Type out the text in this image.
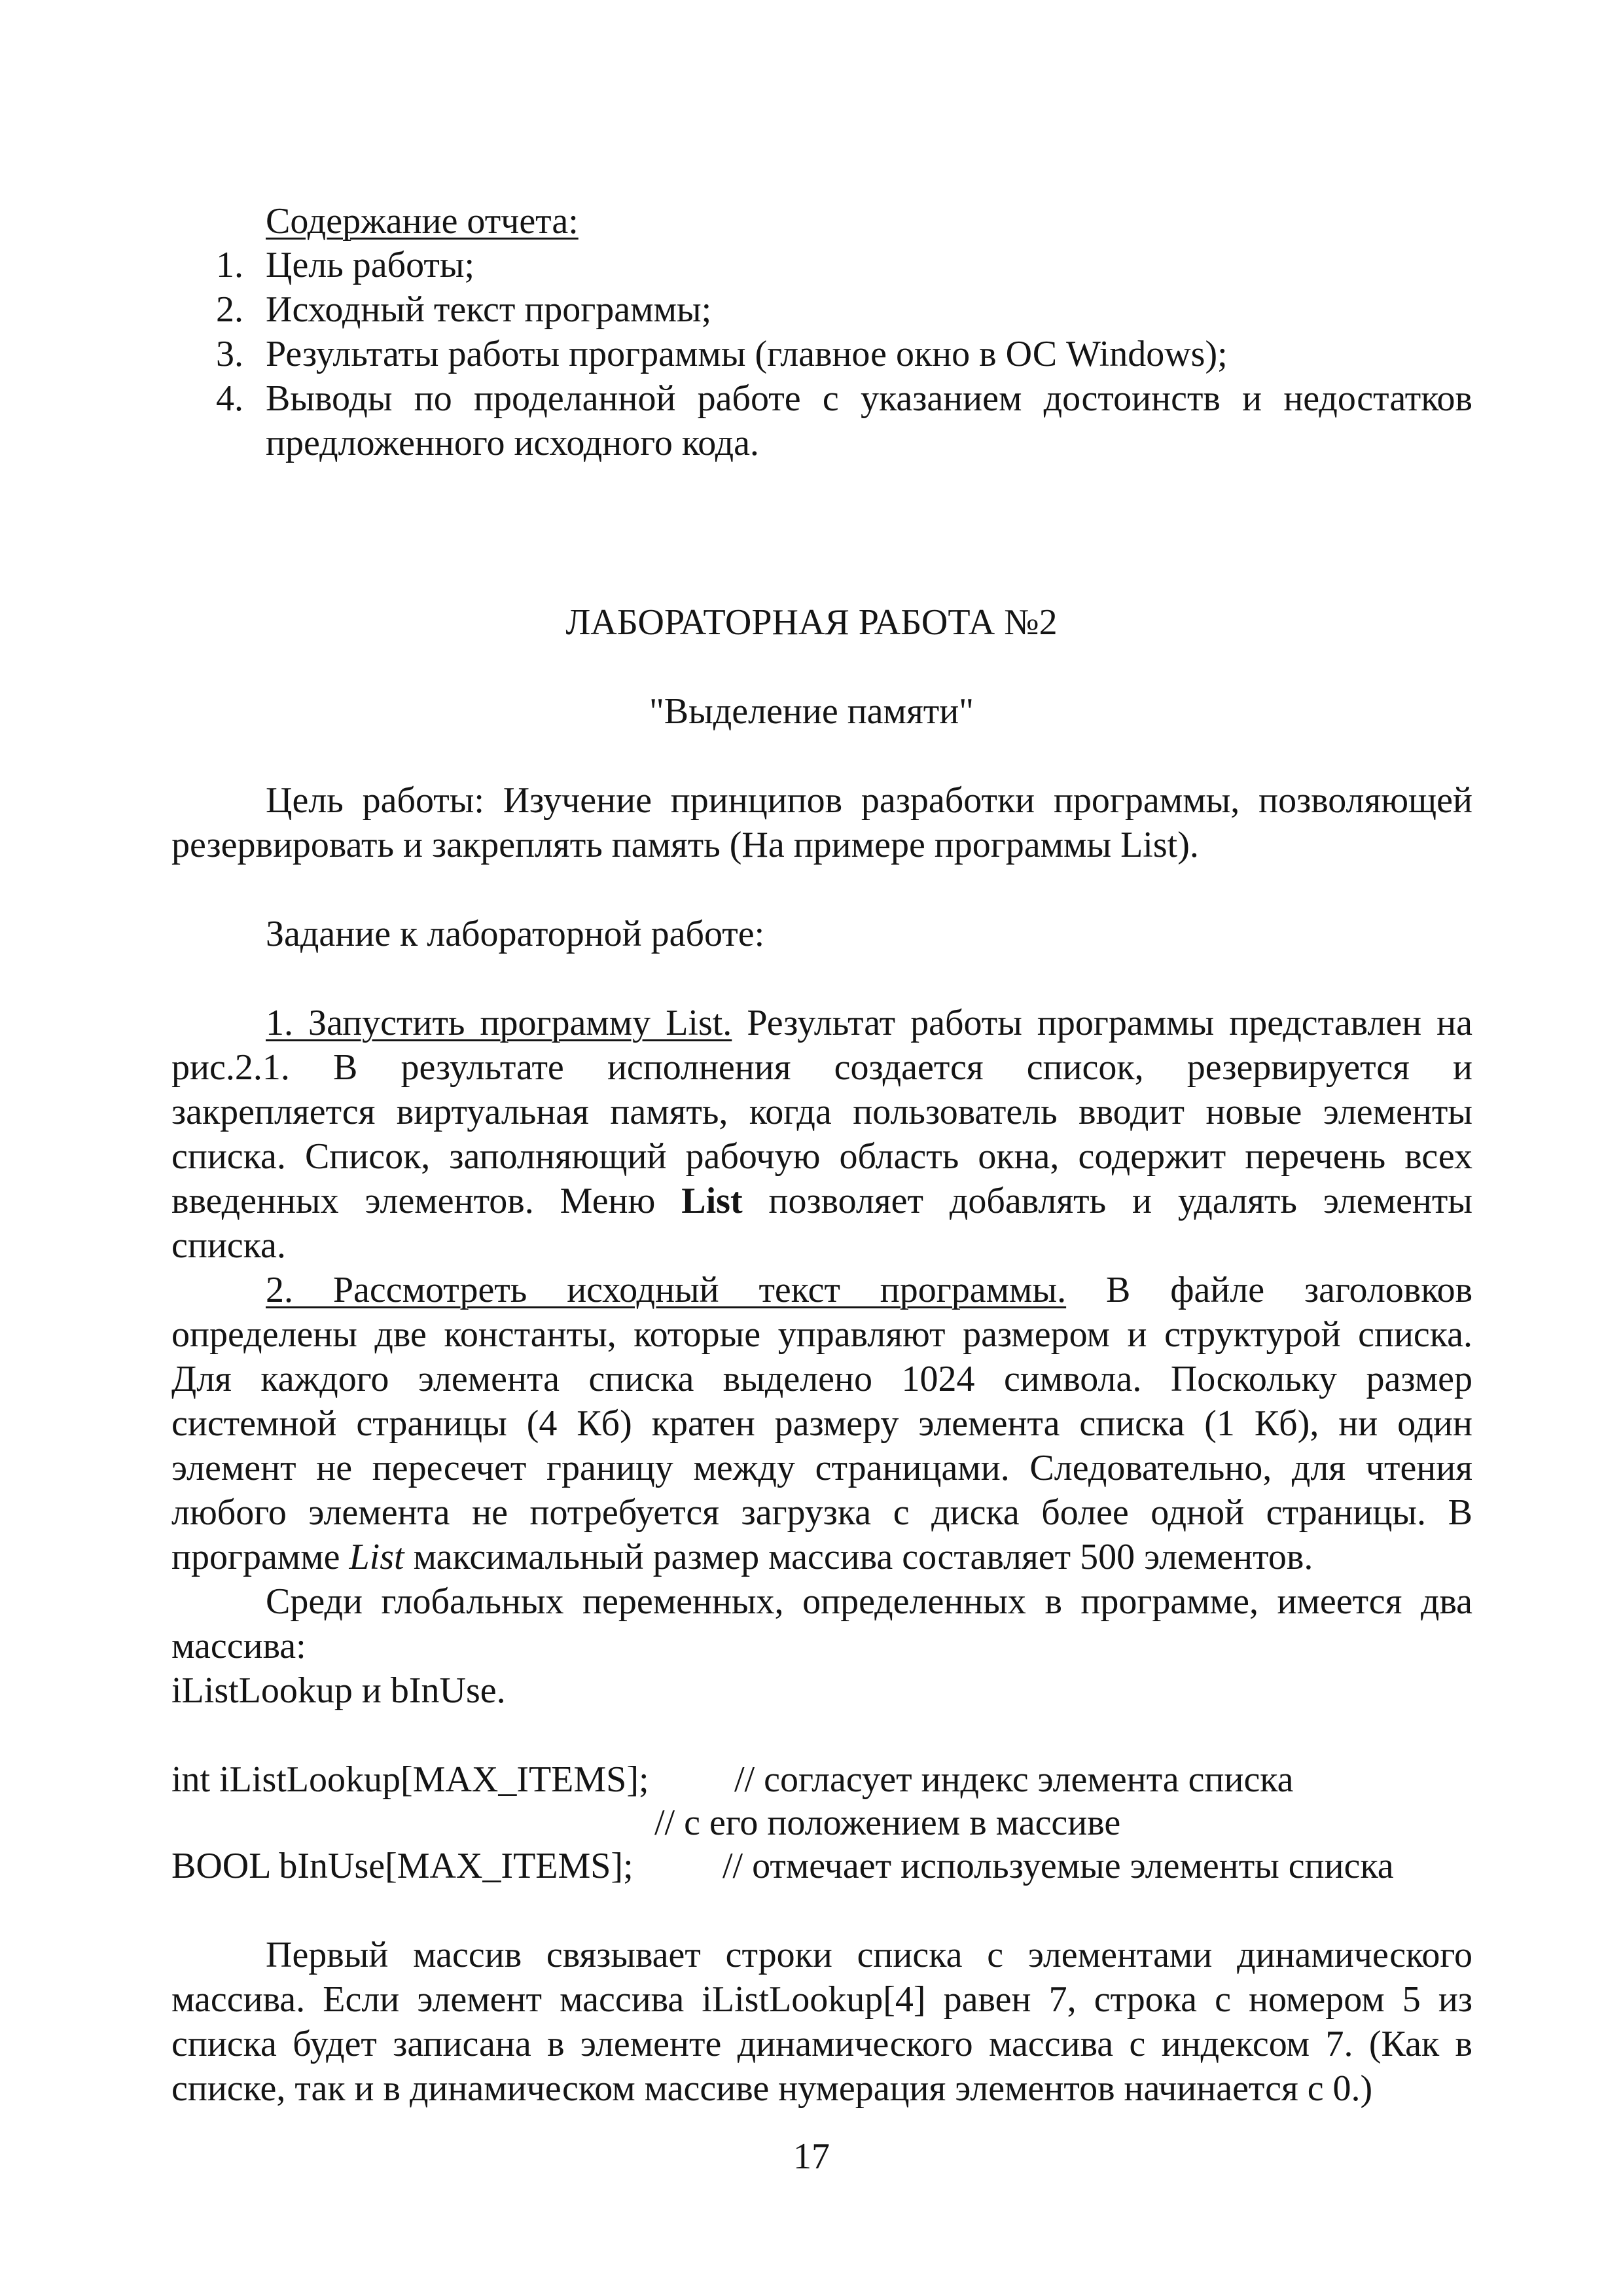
Содержание отчета:

1. Цель работы;

2. Исходный текст программы;

3. Результаты работы программы (главное окно в ОС Windows);

4. Выводы по проделанной работе с указанием достоинств и недостатков

предложенного исходного кода.

ЛАБОРАТОРНАЯ РАБОТА №2

"Выделение памяти"

Цель работы: Изучение принципов разработки программы, позволяющей

резервировать и закреплять память (На примере программы List).

Задание к лабораторной работе:

1. Запустить программу List. Результат работы программы представлен на

рис.2.1. В результате исполнения создается список, резервируется и

закрепляется виртуальная память, когда пользователь вводит новые элементы

списка. Список, заполняющий рабочую область окна, содержит перечень всех

введенных элементов. Меню List позволяет добавлять и удалять элементы

списка.

2. Рассмотреть исходный текст программы. В файле заголовков

определены две константы, которые управляют размером и структурой списка.

Для каждого элемента списка выделено 1024 символа. Поскольку размер

системной страницы (4 Кб) кратен размеру элемента списка (1 Кб), ни один

элемент не пересечет границу между страницами. Следовательно, для чтения

любого элемента не потребуется загрузка с диска более одной страницы. В

программе List максимальный размер массива составляет 500 элементов.

Среди глобальных переменных, определенных в программе, имеется два

массива:

iListLookup и bInUse.

int iListLookup[MAX_ITEMS]; // согласует индекс элемента списка

// с его положением в массиве

BOOL bInUse[MAX_ITEMS]; // отмечает используемые элементы списка

Первый массив связывает строки списка с элементами динамического

массива. Если элемент массива iListLookup[4] равен 7, строка с номером 5 из

списка будет записана в элементе динамического массива с индексом 7. (Как в

списке, так и в динамическом массиве нумерация элементов начинается с 0.)

17
